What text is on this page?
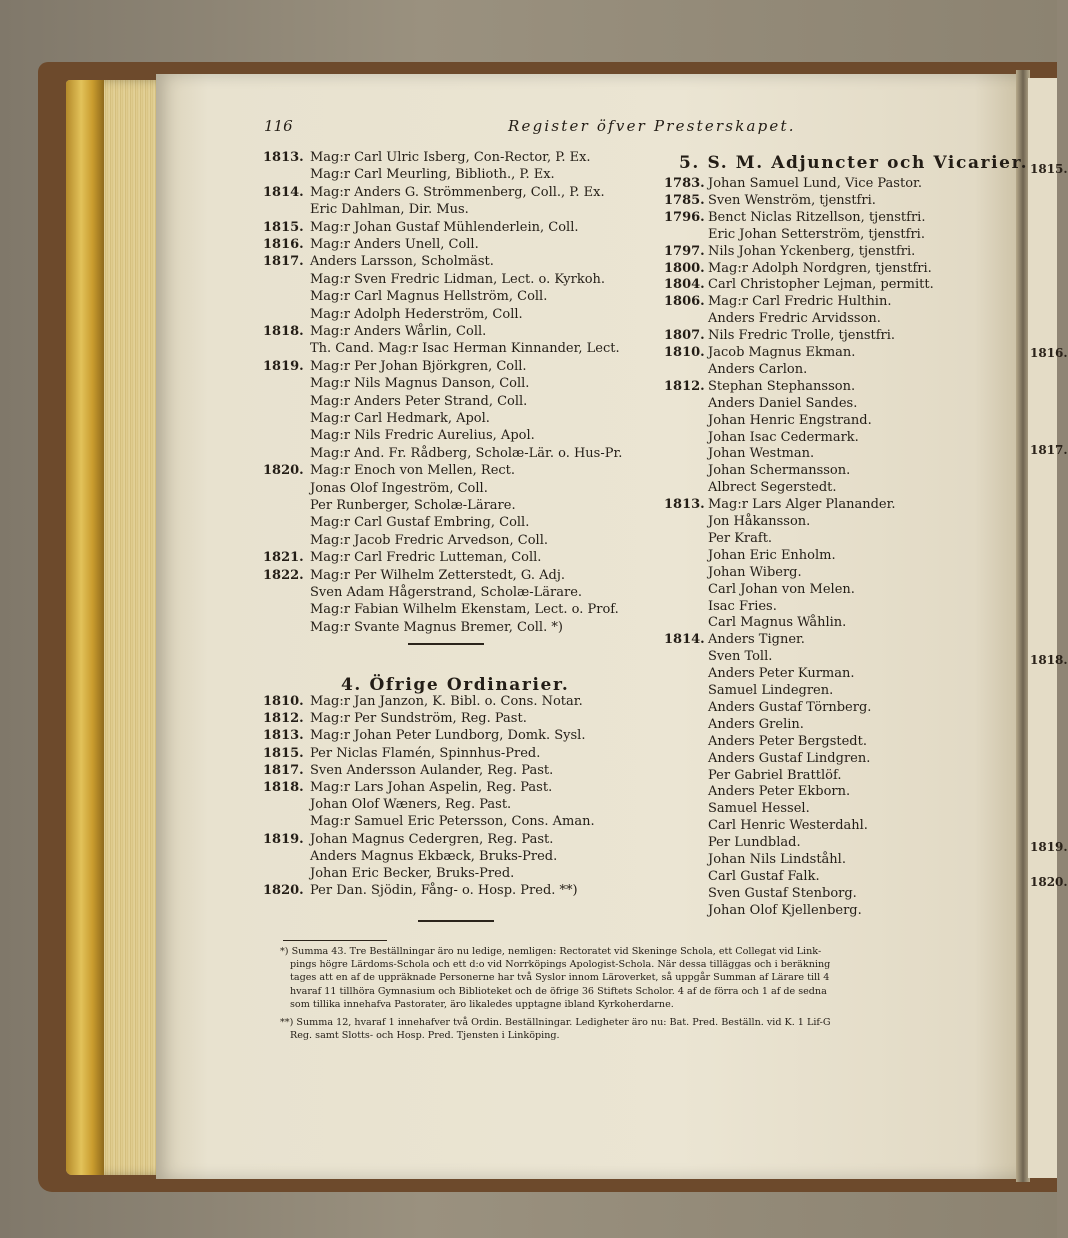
1815.
1816.
1817.
1818.
1819.
1820.
116	Register öfver Presterskapet.
1813. Mag:r Carl Ulric Isberg, Con-Rector, P. Ex.
Mag:r Carl Meurling, Biblioth., P. Ex.
1814. Mag:r Anders G. Strömmenberg, Coll., P. Ex.
Eric Dahlman, Dir. Mus.
1815. Mag:r Johan Gustaf Mühlenderlein, Coll.
1816. Mag:r Anders Unell, Coll.
1817. Anders Larsson, Scholmäst.
Mag:r Sven Fredric Lidman, Lect. o. Kyrkoh.
Mag:r Carl Magnus Hellström, Coll.
Mag:r Adolph Hederström, Coll.
1818. Mag:r Anders Wårlin, Coll.
Th. Cand. Mag:r Isac Herman Kinnander, Lect.
1819. Mag:r Per Johan Björkgren, Coll.
Mag:r Nils Magnus Danson, Coll.
Mag:r Anders Peter Strand, Coll.
Mag:r Carl Hedmark, Apol.
Mag:r Nils Fredric Aurelius, Apol.
Mag:r And. Fr. Rådberg, Scholæ-Lär. o. Hus-Pr.
1820. Mag:r Enoch von Mellen, Rect.
Jonas Olof Ingeström, Coll.
Per Runberger, Scholæ-Lärare.
Mag:r Carl Gustaf Embring, Coll.
Mag:r Jacob Fredric Arvedson, Coll.
1821. Mag:r Carl Fredric Lutteman, Coll.
1822. Mag:r Per Wilhelm Zetterstedt, G. Adj.
Sven Adam Hågerstrand, Scholæ-Lärare.
Mag:r Fabian Wilhelm Ekenstam, Lect. o. Prof.
Mag:r Svante Magnus Bremer, Coll. *)
4. Öfrige Ordinarier.
1810. Mag:r Jan Janzon, K. Bibl. o. Cons. Notar.
1812. Mag:r Per Sundström, Reg. Past.
1813. Mag:r Johan Peter Lundborg, Domk. Sysl.
1815. Per Niclas Flamén, Spinnhus-Pred.
1817. Sven Andersson Aulander, Reg. Past.
1818. Mag:r Lars Johan Aspelin, Reg. Past.
Johan Olof Wæners, Reg. Past.
Mag:r Samuel Eric Petersson, Cons. Aman.
1819. Johan Magnus Cedergren, Reg. Past.
Anders Magnus Ekbæck, Bruks-Pred.
Johan Eric Becker, Bruks-Pred.
1820. Per Dan. Sjödin, Fång- o. Hosp. Pred. **)
5. S. M. Adjuncter och Vicarier.
1783. Johan Samuel Lund, Vice Pastor.
1785. Sven Wenström, tjenstfri.
1796. Benct Niclas Ritzellson, tjenstfri.
Eric Johan Setterström, tjenstfri.
1797. Nils Johan Yckenberg, tjenstfri.
1800. Mag:r Adolph Nordgren, tjenstfri.
1804. Carl Christopher Lejman, permitt.
1806. Mag:r Carl Fredric Hulthin.
Anders Fredric Arvidsson.
1807. Nils Fredric Trolle, tjenstfri.
1810. Jacob Magnus Ekman.
Anders Carlon.
1812. Stephan Stephansson.
Anders Daniel Sandes.
Johan Henric Engstrand.
Johan Isac Cedermark.
Johan Westman.
Johan Schermansson.
Albrect Segerstedt.
1813. Mag:r Lars Alger Planander.
Jon Håkansson.
Per Kraft.
Johan Eric Enholm.
Johan Wiberg.
Carl Johan von Melen.
Isac Fries.
Carl Magnus Wåhlin.
1814. Anders Tigner.
Sven Toll.
Anders Peter Kurman.
Samuel Lindegren.
Anders Gustaf Törnberg.
Anders Grelin.
Anders Peter Bergstedt.
Anders Gustaf Lindgren.
Per Gabriel Brattlöf.
Anders Peter Ekborn.
Samuel Hessel.
Carl Henric Westerdahl.
Per Lundblad.
Johan Nils Lindståhl.
Carl Gustaf Falk.
Sven Gustaf Stenborg.
Johan Olof Kjellenberg.
*) Summa 43. Tre Beställningar äro nu ledige, nemligen: Rectoratet vid Skeninge Schola, ett Collegat vid Link-
pings högre Lärdoms-Schola och ett d:o vid Norrköpings Apologist-Schola. När dessa tilläggas och i beräkning
tages att en af de uppräknade Personerne har två Syslor innom Läroverket, så uppgår Summan af Lärare till 4
hvaraf 11 tillhöra Gymnasium och Biblioteket och de öfrige 36 Stiftets Scholor. 4 af de förra och 1 af de sedna
som tillika innehafva Pastorater, äro likaledes upptagne ibland Kyrkoherdarne.
**) Summa 12, hvaraf 1 innehafver två Ordin. Beställningar. Ledigheter äro nu: Bat. Pred. Beställn. vid K. 1 Lif-G
Reg. samt Slotts- och Hosp. Pred. Tjensten i Linköping.
